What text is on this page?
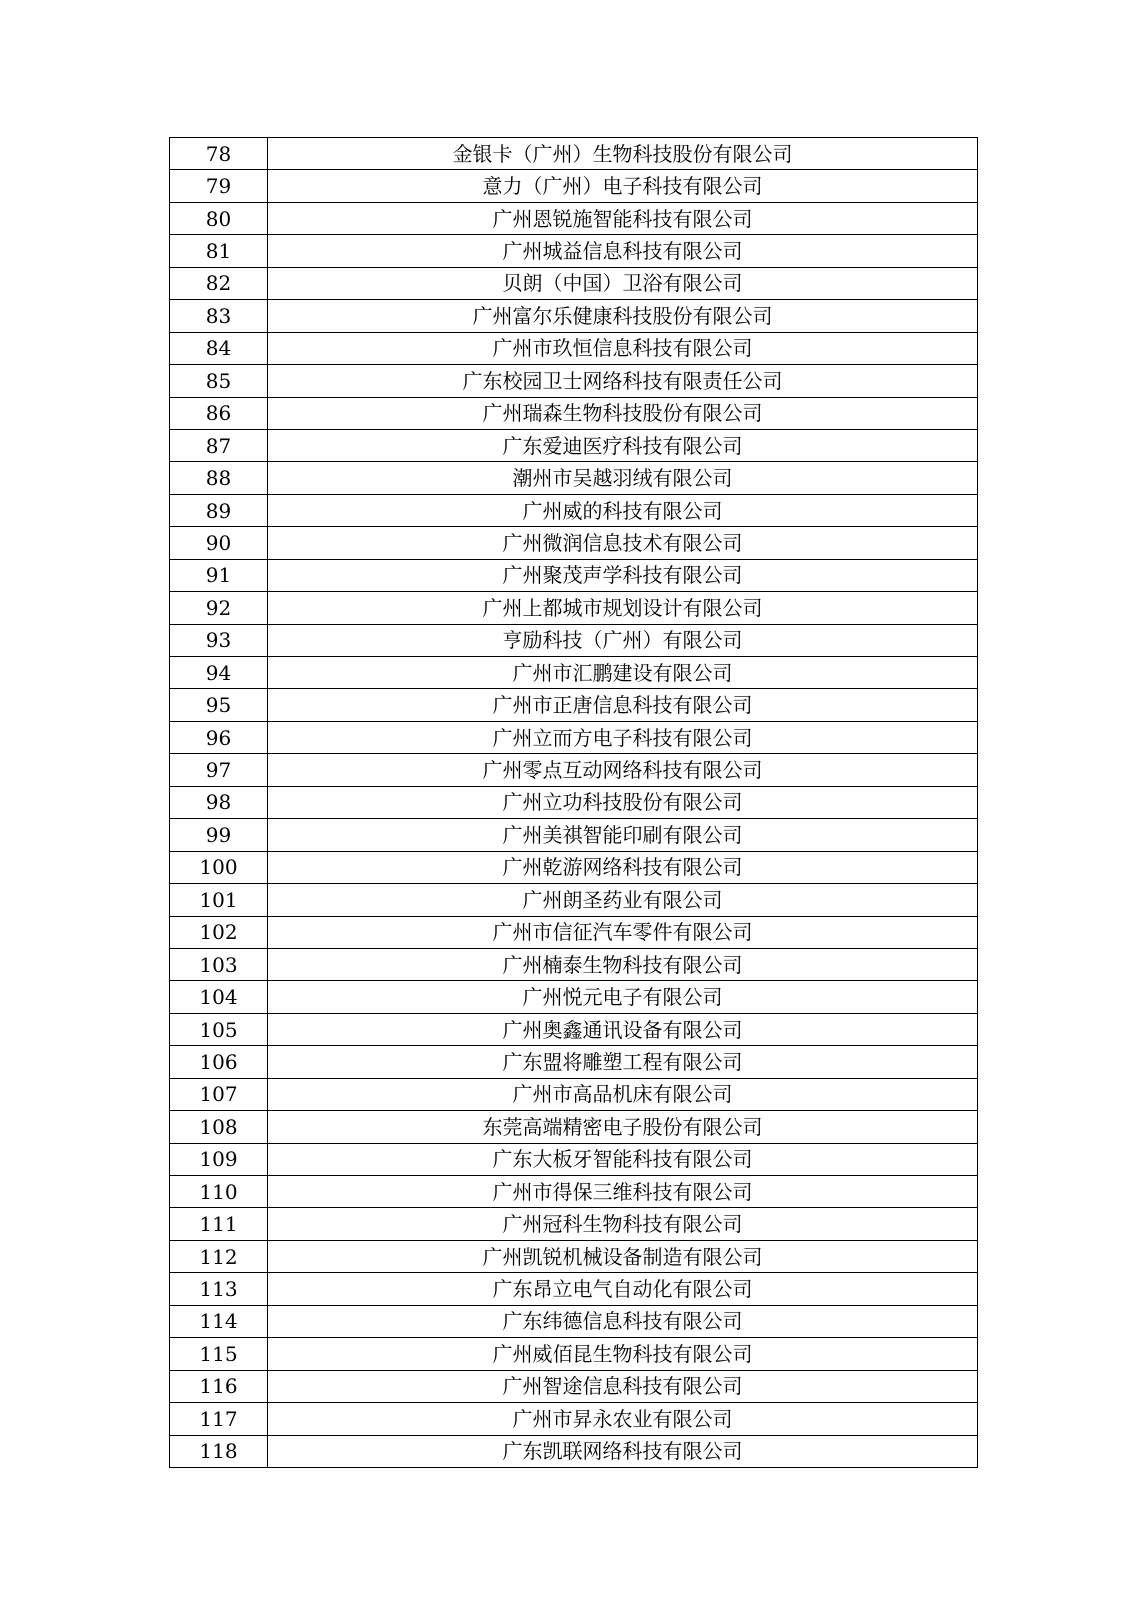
78	金银卡（广州）生物科技股份有限公司
79	意力（广州）电子科技有限公司
80	广州恩锐施智能科技有限公司
81	广州城益信息科技有限公司
82	贝朗（中国）卫浴有限公司
83	广州富尔乐健康科技股份有限公司
84	广州市玖恒信息科技有限公司
85	广东校园卫士网络科技有限责任公司
86	广州瑞森生物科技股份有限公司
87	广东爱迪医疗科技有限公司
88	潮州市吴越羽绒有限公司
89	广州威的科技有限公司
90	广州微润信息技术有限公司
91	广州聚茂声学科技有限公司
92	广州上都城市规划设计有限公司
93	亨励科技（广州）有限公司
94	广州市汇鹏建设有限公司
95	广州市正唐信息科技有限公司
96	广州立而方电子科技有限公司
97	广州零点互动网络科技有限公司
98	广州立功科技股份有限公司
99	广州美祺智能印刷有限公司
100	广州乾游网络科技有限公司
101	广州朗圣药业有限公司
102	广州市信征汽车零件有限公司
103	广州楠泰生物科技有限公司
104	广州悦元电子有限公司
105	广州奥鑫通讯设备有限公司
106	广东盟将雕塑工程有限公司
107	广州市高品机床有限公司
108	东莞高端精密电子股份有限公司
109	广东大板牙智能科技有限公司
110	广州市得保三维科技有限公司
111	广州冠科生物科技有限公司
112	广州凯锐机械设备制造有限公司
113	广东昂立电气自动化有限公司
114	广东纬德信息科技有限公司
115	广州威佰昆生物科技有限公司
116	广州智途信息科技有限公司
117	广州市昇永农业有限公司
118	广东凯联网络科技有限公司
